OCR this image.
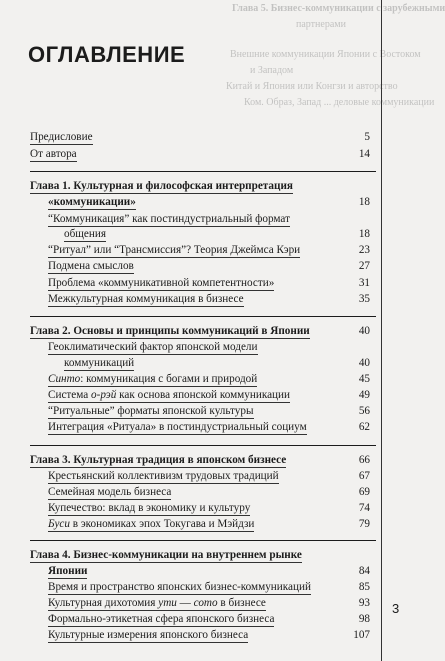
Глава 5. Бизнес-коммуникации с зарубежными
партнерами
Внешние коммуникации Японии с Востоком
и Западом
Китай и Япония или Конгзи и авторство
Ком. Образ, Запад ... деловые коммуникации
3
ОГЛАВЛЕНИЕ
Предисловие	5
От автора	14
Глава 1. Культурная и философская интерпретация
«коммуникации»	18
“Коммуникация” как постиндустриальный формат
общения	18
“Ритуал” или “Трансмиссия”? Теория Джеймса Кэри	23
Подмена смыслов	27
Проблема «коммуникативной компетентности»	31
Межкультурная коммуникация в бизнесе	35
Глава 2. Основы и принципы коммуникаций в Японии	40
Геоклиматический фактор японской модели
коммуникаций	40
Синто: коммуникация с богами и природой	45
Система о-рэй как основа японской коммуникации	49
“Ритуальные” форматы японской культуры	56
Интеграция «Ритуала» в постиндустриальный социум	62
Глава 3. Культурная традиция в японском бизнесе	66
Крестьянский коллективизм трудовых традиций	67
Семейная модель бизнеса	69
Купечество: вклад в экономику и культуру	74
Буси в экономиках эпох Токугава и Мэйдзи	79
Глава 4. Бизнес-коммуникации на внутреннем рынке
Японии	84
Время и пространство японских бизнес-коммуникаций	85
Культурная дихотомия ути — сото в бизнесе	93
Формально-этикетная сфера японского бизнеса	98
Культурные измерения японского бизнеса	107
